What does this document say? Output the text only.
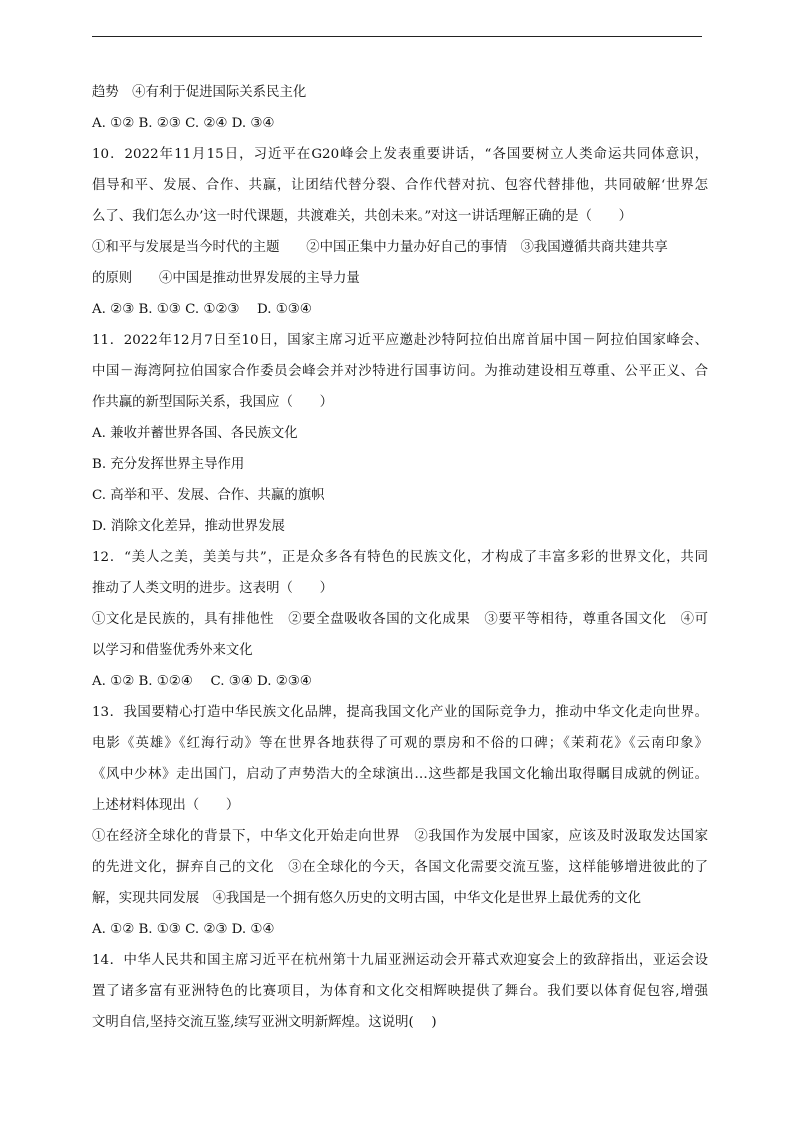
趋势　④有利于促进国际关系民主化
A. ①② B. ②③ C. ②④ D. ③④
10．2022年11月15日，习近平在G20峰会上发表重要讲话，“各国要树立人类命运共同体意识，
倡导和平、发展、合作、共赢，让团结代替分裂、合作代替对抗、包容代替排他，共同破解‘世界怎
么了、我们怎么办’这一时代课题，共渡难关，共创未来。”对这一讲话理解正确的是（　　）
①和平与发展是当今时代的主题　　②中国正集中力量办好自己的事情　③我国遵循共商共建共享
的原则　　④中国是推动世界发展的主导力量
A. ②③ B. ①③ C. ①②③　 D. ①③④
11．2022年12月7日至10日，国家主席习近平应邀赴沙特阿拉伯出席首届中国－阿拉伯国家峰会、
中国－海湾阿拉伯国家合作委员会峰会并对沙特进行国事访问。为推动建设相互尊重、公平正义、合
作共赢的新型国际关系，我国应（　　）
A. 兼收并蓄世界各国、各民族文化
B. 充分发挥世界主导作用
C. 高举和平、发展、合作、共赢的旗帜
D. 消除文化差异，推动世界发展
12．“美人之美，美美与共”，正是众多各有特色的民族文化，才构成了丰富多彩的世界文化，共同
推动了人类文明的进步。这表明（　　）
①文化是民族的，具有排他性　②要全盘吸收各国的文化成果　③要平等相待，尊重各国文化　④可
以学习和借鉴优秀外来文化
A. ①② B. ①②④　 C. ③④ D. ②③④
13．我国要精心打造中华民族文化品牌，提高我国文化产业的国际竞争力，推动中华文化走向世界。
电影《英雄》《红海行动》等在世界各地获得了可观的票房和不俗的口碑；《茉莉花》《云南印象》
《风中少林》走出国门，启动了声势浩大的全球演出…这些都是我国文化输出取得瞩目成就的例证。
上述材料体现出（　　）
①在经济全球化的背景下，中华文化开始走向世界　②我国作为发展中国家，应该及时汲取发达国家
的先进文化，摒弃自己的文化　③在全球化的今天，各国文化需要交流互鉴，这样能够增进彼此的了
解，实现共同发展　④我国是一个拥有悠久历史的文明古国，中华文化是世界上最优秀的文化
A. ①② B. ①③ C. ②③ D. ①④
14．中华人民共和国主席习近平在杭州第十九届亚洲运动会开幕式欢迎宴会上的致辞指出，亚运会设
置了诸多富有亚洲特色的比赛项目，为体育和文化交相辉映提供了舞台。我们要以体育促包容,增强
文明自信,坚持交流互鉴,续写亚洲文明新辉煌。这说明(　 )
